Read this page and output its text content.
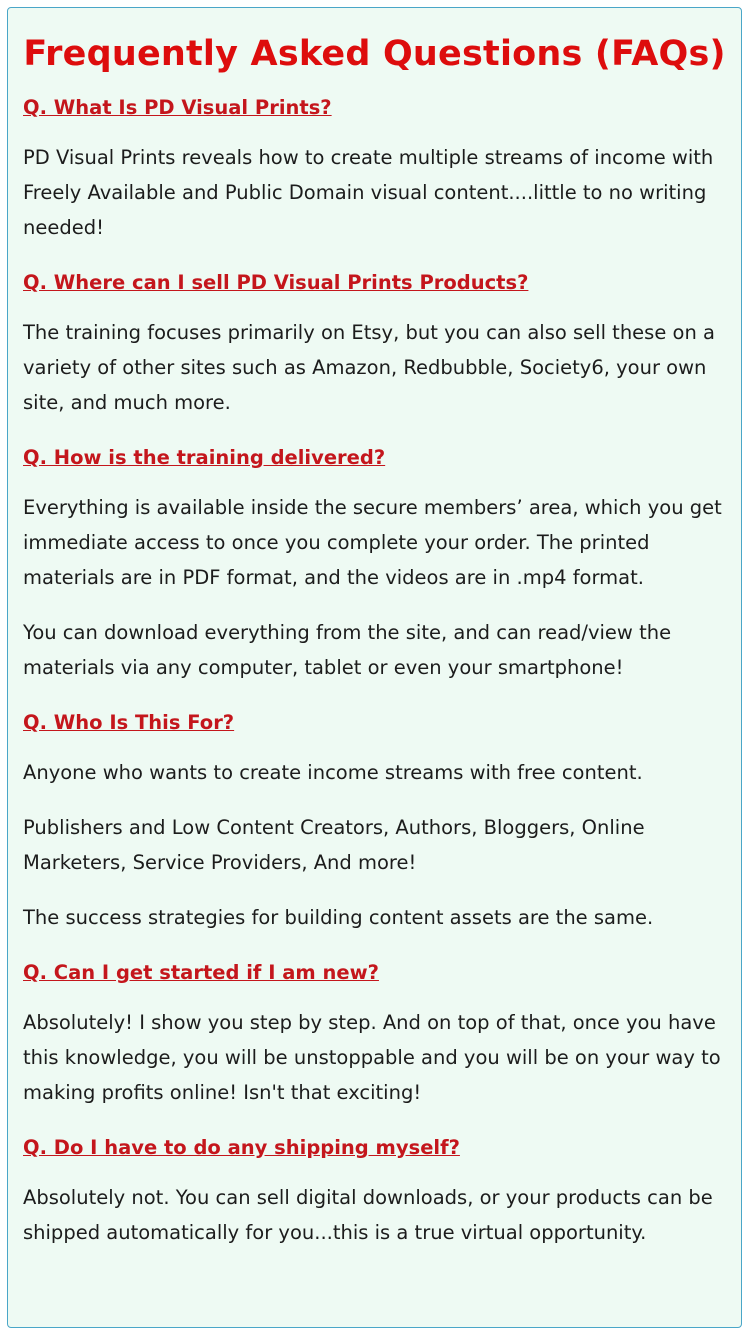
Frequently Asked Questions (FAQs)

Q. What Is PD Visual Prints?

PD Visual Prints reveals how to create multiple streams of income with Freely Available and Public Domain visual content....little to no writing needed!

Q. Where can I sell PD Visual Prints Products?

The training focuses primarily on Etsy, but you can also sell these on a variety of other sites such as Amazon, Redbubble, Society6, your own site, and much more.

Q. How is the training delivered?

Everything is available inside the secure members’ area, which you get immediate access to once you complete your order. The printed materials are in PDF format, and the videos are in .mp4 format.

You can download everything from the site, and can read/view the materials via any computer, tablet or even your smartphone!

Q. Who Is This For?

Anyone who wants to create income streams with free content.

Publishers and Low Content Creators, Authors, Bloggers, Online Marketers, Service Providers, And more!

The success strategies for building content assets are the same.

Q. Can I get started if I am new?

Absolutely! I show you step by step. And on top of that, once you have this knowledge, you will be unstoppable and you will be on your way to making profits online! Isn't that exciting!

Q. Do I have to do any shipping myself?

Absolutely not. You can sell digital downloads, or your products can be shipped automatically for you...this is a true virtual opportunity.
